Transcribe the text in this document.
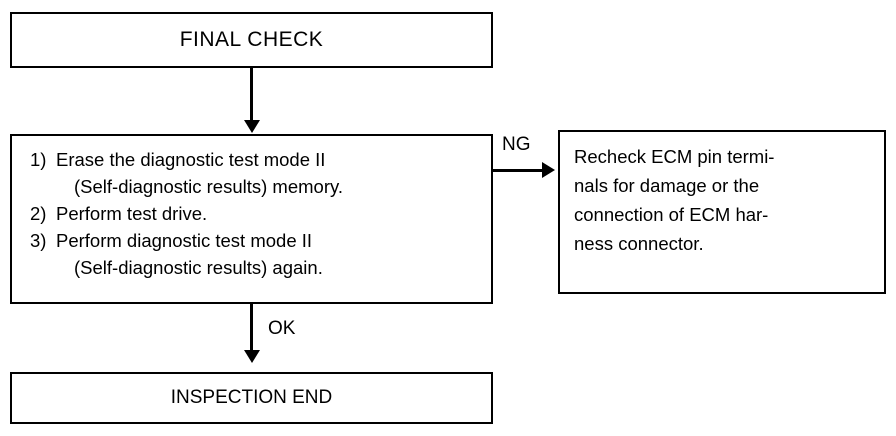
FINAL CHECK
1) Erase the diagnostic test mode II
(Self-diagnostic results) memory.
2) Perform test drive.
3) Perform diagnostic test mode II
(Self-diagnostic results) again.
NG
Recheck ECM pin termi-
nals for damage or the
connection of ECM har-
ness connector.
OK
INSPECTION END
